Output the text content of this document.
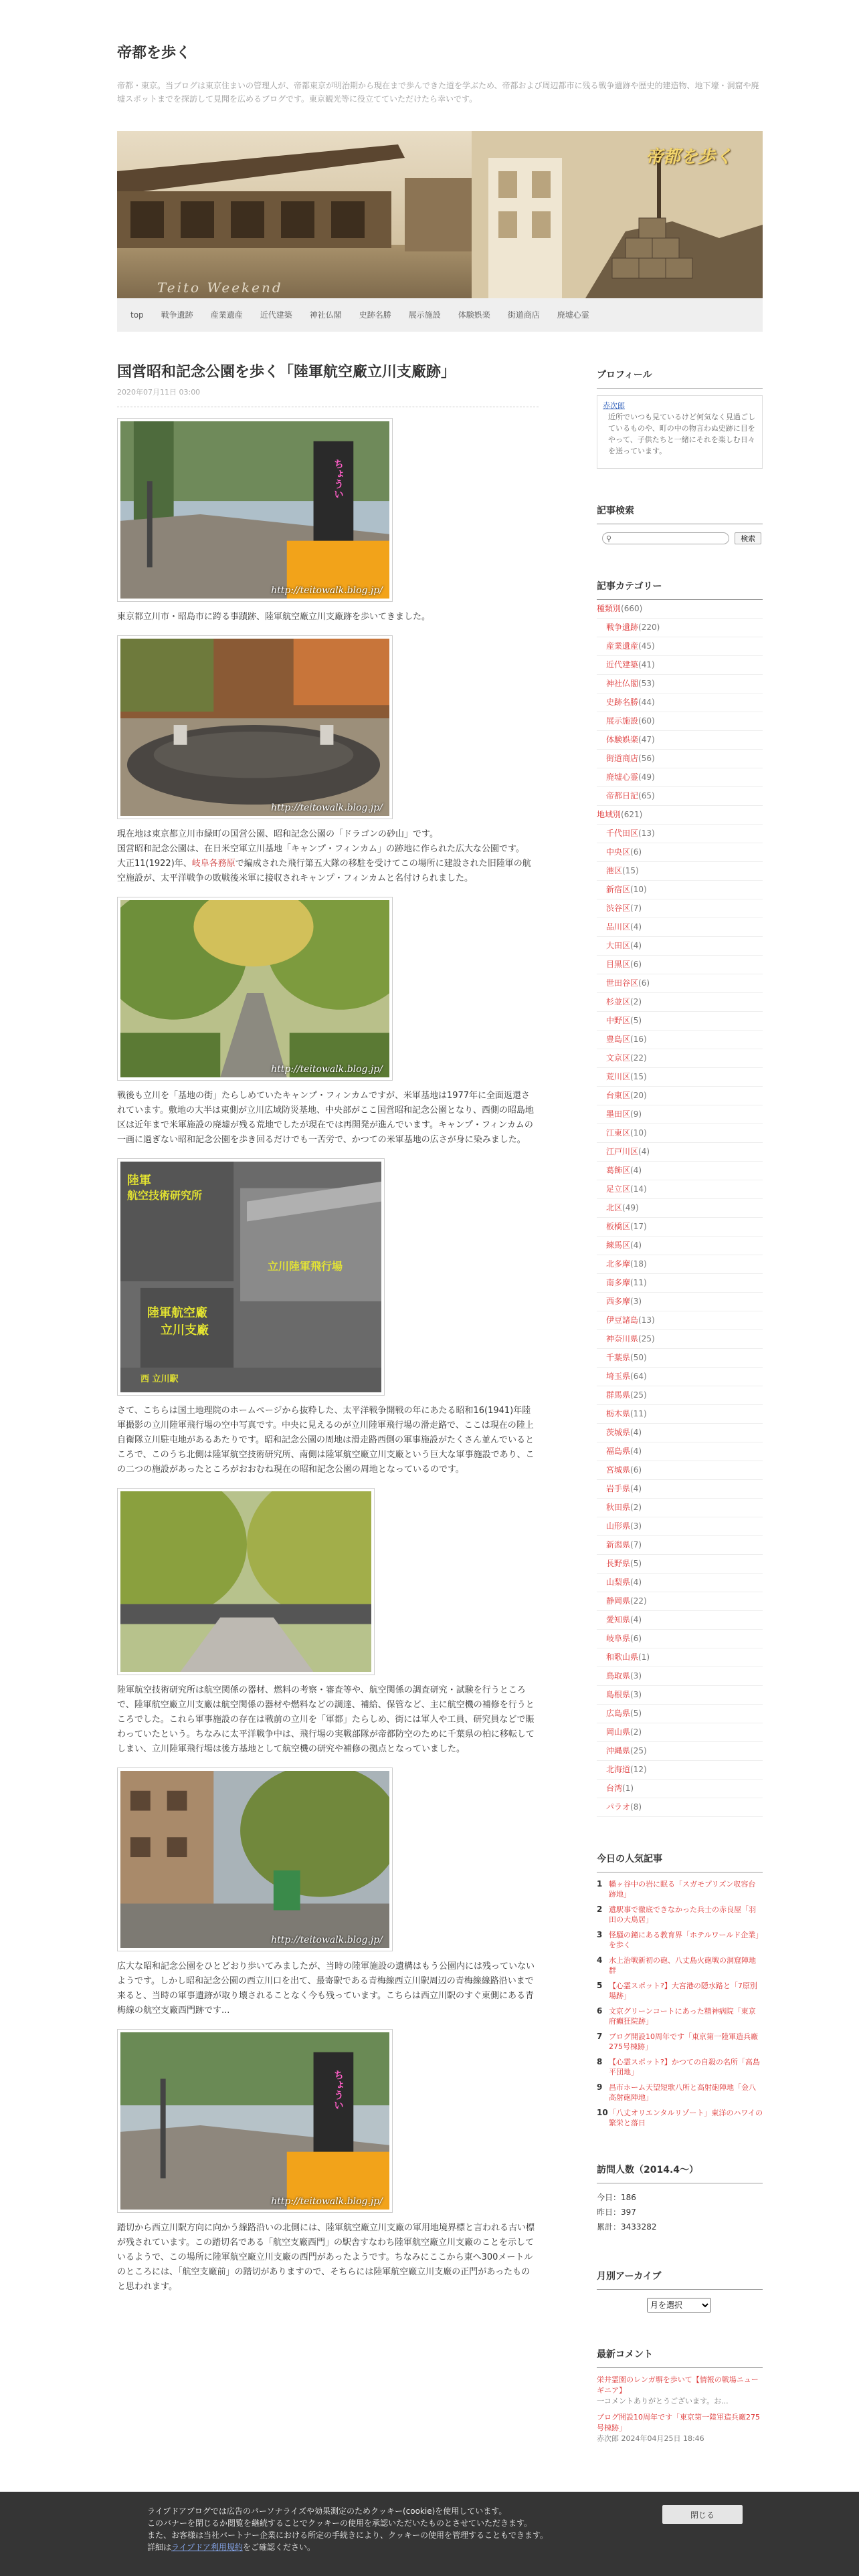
帝都を歩く

帝都・東京。当ブログは東京住まいの管理人が、帝都東京が明治期から現在まで歩んできた道を学ぶため、帝都および周辺都市に残る戦争遺跡や歴史的建造物、地下壕・洞窟や廃墟スポットまでを探訪して見聞を広めるブログです。東京観光等に役立てていただけたら幸いです。

帝都を歩く
Teito Weekend
top	戦争遺跡	産業遺産	近代建築	神社仏閣	史跡名勝	展示施設	体験娯楽	街道商店	廃墟心霊
国営昭和記念公園を歩く「陸軍航空廠立川支廠跡」
2020年07月11日 03:00
ちょうい
http://teitowalk.blog.jp/

東京都立川市・昭島市に跨る事蹟跡、陸軍航空廠立川支廠跡を歩いてきました。

http://teitowalk.blog.jp/

現在地は東京都立川市緑町の国営公園、昭和記念公園の「ドラゴンの砂山」です。

国営昭和記念公園は、在日米空軍立川基地「キャンプ・フィンカム」の跡地に作られた広大な公園です。

大正11(1922)年、岐阜各務原で編成された飛行第五大隊の移駐を受けてこの場所に建設された旧陸軍の航空施設が、太平洋戦争の敗戦後米軍に接収されキャンプ・フィンカムと名付けられました。

http://teitowalk.blog.jp/

戦後も立川を「基地の街」たらしめていたキャンプ・フィンカムですが、米軍基地は1977年に全面返還されています。敷地の大半は東側が立川広域防災基地、中央部がここ国営昭和記念公園となり、西側の昭島地区は近年まで米軍施設の廃墟が残る荒地でしたが現在では再開発が進んでいます。キャンプ・フィンカムの一画に過ぎない昭和記念公園を歩き回るだけでも一苦労で、かつての米軍基地の広さが身に染みました。

陸軍
航空技術研究所
立川陸軍飛行場
陸軍航空廠
立川支廠
西 立川駅

さて、こちらは国土地理院のホームページから抜粋した、太平洋戦争開戦の年にあたる昭和16(1941)年陸軍撮影の立川陸軍飛行場の空中写真です。中央に見えるのが立川陸軍飛行場の滑走路で、ここは現在の陸上自衛隊立川駐屯地があるあたりです。昭和記念公園の周地は滑走路西側の軍事施設がたくさん並んでいるところで、このうち北側は陸軍航空技術研究所、南側は陸軍航空廠立川支廠という巨大な軍事施設であり、この二つの施設があったところがおおむね現在の昭和記念公園の周地となっているのです。

陸軍航空技術研究所は航空関係の器材、燃料の考察・審査等や、航空関係の調査研究・試験を行うところで、陸軍航空廠立川支廠は航空関係の器材や燃料などの調達、補給、保管など、主に航空機の補修を行うところでした。これら軍事施設の存在は戦前の立川を「軍都」たらしめ、街には軍人や工員、研究員などで賑わっていたという。ちなみに太平洋戦争中は、飛行場の実戦部隊が帝都防空のために千葉県の柏に移転してしまい、立川陸軍飛行場は後方基地として航空機の研究や補修の拠点となっていました。

http://teitowalk.blog.jp/

広大な昭和記念公園をひとどおり歩いてみましたが、当時の陸軍施設の遺構はもう公園内には残っていないようです。しかし昭和記念公園の西立川口を出て、最寄駅である青梅線西立川駅周辺の青梅線線路沿いまで来ると、当時の軍事遺跡が取り壊されることなく今も残っています。こちらは西立川駅のすぐ東側にある青梅線の航空支廠西門跡です...

ちょうい
http://teitowalk.blog.jp/

踏切から西立川駅方向に向かう線路沿いの北側には、陸軍航空廠立川支廠の軍用地境界標と言われる古い標が残されています。この踏切名である「航空支廠西門」の駅舎すなわち陸軍航空廠立川支廠のことを示しているようで、この場所に陸軍航空廠立川支廠の西門があったようです。ちなみにここから東へ300メートルのところには、「航空支廠前」の踏切がありますので、そちらには陸軍航空廠立川支廠の正門があったものと思われます。

プロフィール
赤次郎
近所でいつも見ているけど何気なく見過ごしているものや、町の中の物言わぬ史跡に目をやって、子供たちと一緒にそれを楽しむ日々を送っています。
記事検索
⚲	検索
記事カテゴリー
種類別(660)
戦争遺跡(220)
産業遺産(45)
近代建築(41)
神社仏閣(53)
史跡名勝(44)
展示施設(60)
体験娯楽(47)
街道商店(56)
廃墟心霊(49)
帝都日記(65)
地域別(621)
千代田区(13)
中央区(6)
港区(15)
新宿区(10)
渋谷区(7)
品川区(4)
大田区(4)
目黒区(6)
世田谷区(6)
杉並区(2)
中野区(5)
豊島区(16)
文京区(22)
荒川区(15)
台東区(20)
墨田区(9)
江東区(10)
江戸川区(4)
葛飾区(4)
足立区(14)
北区(49)
板橋区(17)
練馬区(4)
北多摩(18)
南多摩(11)
西多摩(3)
伊豆諸島(13)
神奈川県(25)
千葉県(50)
埼玉県(64)
群馬県(25)
栃木県(11)
茨城県(4)
福島県(4)
宮城県(6)
岩手県(4)
秋田県(2)
山形県(3)
新潟県(7)
長野県(5)
山梨県(4)
静岡県(22)
愛知県(4)
岐阜県(6)
和歌山県(1)
鳥取県(3)
島根県(3)
広島県(5)
岡山県(2)
沖縄県(25)
北海道(12)
台湾(1)
パラオ(8)
今日の人気記事
1 幡ヶ谷中の岩に眠る「スガモプリズン収容台跡地」
2 遺駅事で徹底できなかった兵士の赤良屋「羽田の大鳥居」
3 怪騒の鐘にある教育界「ホテルワールド企業」を歩く
4 水上治戦新初の砲、八丈島火砲戦の洞窟陣地群
5 【心霊スポット?】大宮港の隠水路と「7原別場跡」
6 文京グリーンコートにあった精神病院「東京府癲狂院跡」
7 ブログ開設10周年です「東京第一陸軍造兵廠275号棟跡」
8 【心霊スポット?】かつての自殺の名所「高島平団地」
9 昌市ホーム天望短歌八所と高射砲陣地「金八高射砲陣地」
10 「八丈オリエンタルリゾート」東洋のハワイの繁栄と落日
訪問人数（2014.4～）
今日：186
昨日：397
累計：3433282
月別アーカイブ
月を選択
最新コメント
栄井霊園のレンガ塀を歩いて【情報の戦場ニューギニア】
一コメントありがとうございます。お...
ブログ開設10周年です「東京第一陸軍造兵廠275号棟跡」
赤次郎 2024年04月25日 18:46
ライブドアブログでは広告のパーソナライズや効果測定のためクッキー(cookie)を使用しています。
このバナーを閉じるか閲覧を継続することでクッキーの使用を承認いただいたものとさせていただきます。
また、お客様は当社パートナー企業における所定の手続きにより、クッキーの使用を管理することもできます。
詳細はライブドア利用規約をご確認ください。
閉じる
